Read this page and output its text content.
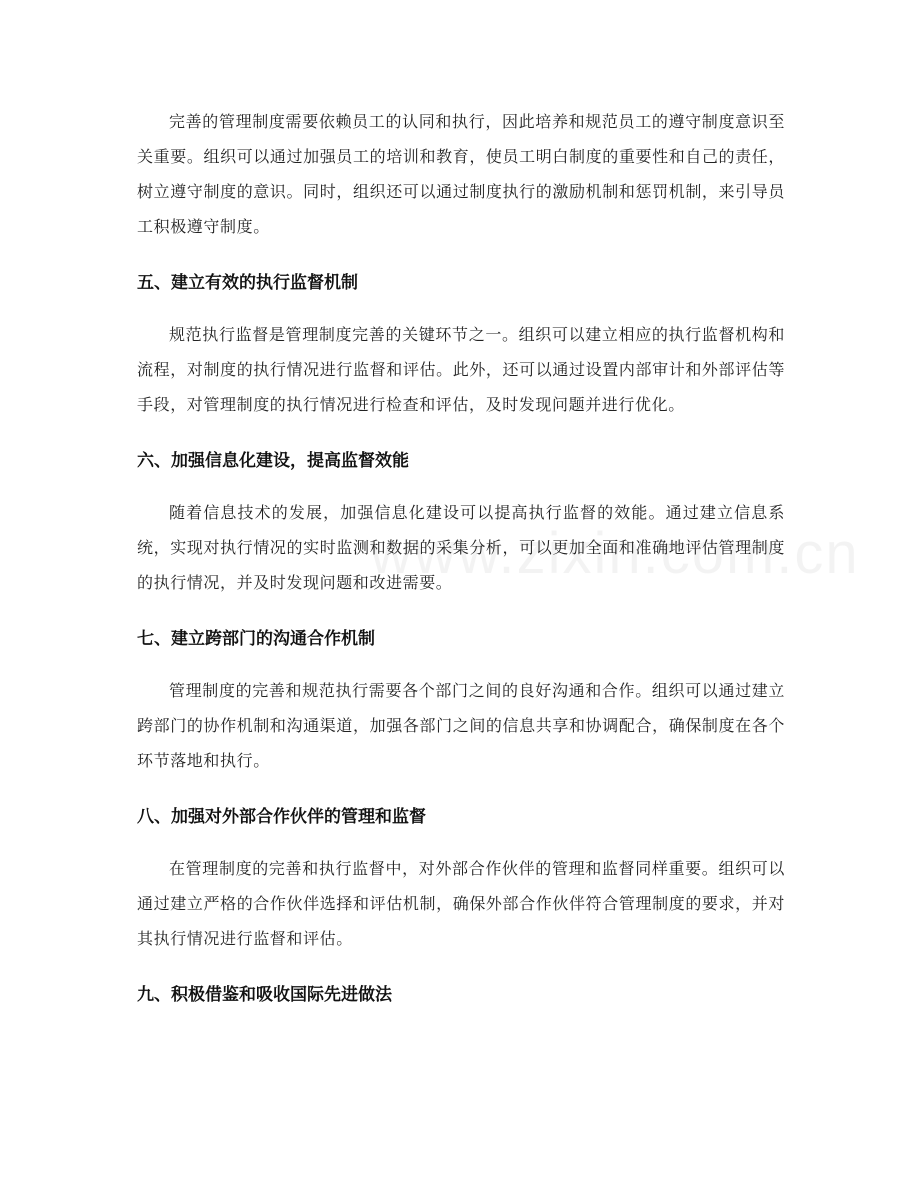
完善的管理制度需要依赖员工的认同和执行，因此培养和规范员工的遵守制度意识至关重要。组织可以通过加强员工的培训和教育，使员工明白制度的重要性和自己的责任，树立遵守制度的意识。同时，组织还可以通过制度执行的激励机制和惩罚机制，来引导员工积极遵守制度。

五、建立有效的执行监督机制

规范执行监督是管理制度完善的关键环节之一。组织可以建立相应的执行监督机构和流程，对制度的执行情况进行监督和评估。此外，还可以通过设置内部审计和外部评估等手段，对管理制度的执行情况进行检查和评估，及时发现问题并进行优化。

六、加强信息化建设，提高监督效能

随着信息技术的发展，加强信息化建设可以提高执行监督的效能。通过建立信息系统，实现对执行情况的实时监测和数据的采集分析，可以更加全面和准确地评估管理制度的执行情况，并及时发现问题和改进需要。

七、建立跨部门的沟通合作机制

管理制度的完善和规范执行需要各个部门之间的良好沟通和合作。组织可以通过建立跨部门的协作机制和沟通渠道，加强各部门之间的信息共享和协调配合，确保制度在各个环节落地和执行。

八、加强对外部合作伙伴的管理和监督

在管理制度的完善和执行监督中，对外部合作伙伴的管理和监督同样重要。组织可以通过建立严格的合作伙伴选择和评估机制，确保外部合作伙伴符合管理制度的要求，并对其执行情况进行监督和评估。

九、积极借鉴和吸收国际先进做法
